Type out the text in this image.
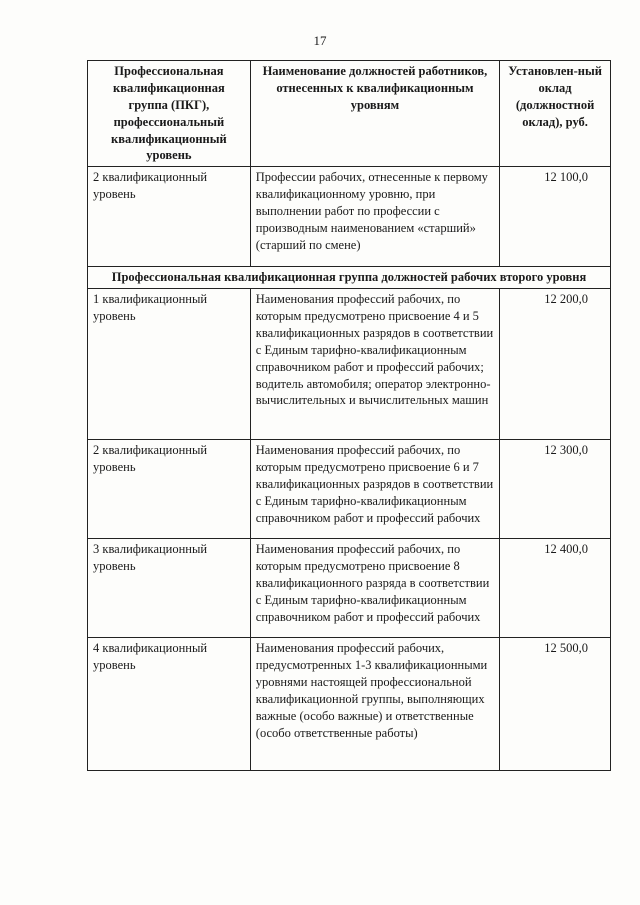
17
Профессиональная квалификационная группа (ПКГ), профессиональный квалификационный уровень	Наименование должностей работников, отнесенных к квалификационным уровням	Установлен-ный оклад (должностной оклад), руб.
2 квалификационный уровень	Профессии рабочих, отнесенные к первому квалификационному уровню, при выполнении работ по профессии с производным наименованием «старший» (старший по смене)	12 100,0
Профессиональная квалификационная группа должностей рабочих второго уровня		
1 квалификационный уровень	Наименования профессий рабочих, по которым предусмотрено присвоение 4 и 5 квалификационных разрядов в соответствии с Единым тарифно-квалификационным справочником работ и профессий рабочих; водитель автомобиля; оператор электронно-вычислительных и вычислительных машин	12 200,0
2 квалификационный уровень	Наименования профессий рабочих, по которым предусмотрено присвоение 6 и 7 квалификационных разрядов в соответствии с Единым тарифно-квалификационным справочником работ и профессий рабочих	12 300,0
3 квалификационный уровень	Наименования профессий рабочих, по которым предусмотрено присвоение 8 квалификационного разряда в соответствии с Единым тарифно-квалификационным справочником работ и профессий рабочих	12 400,0
4 квалификационный уровень	Наименования профессий рабочих, предусмотренных 1-3 квалификационными уровнями настоящей профессиональной квалификационной группы, выполняющих важные (особо важные) и ответственные (особо ответственные работы)	12 500,0
